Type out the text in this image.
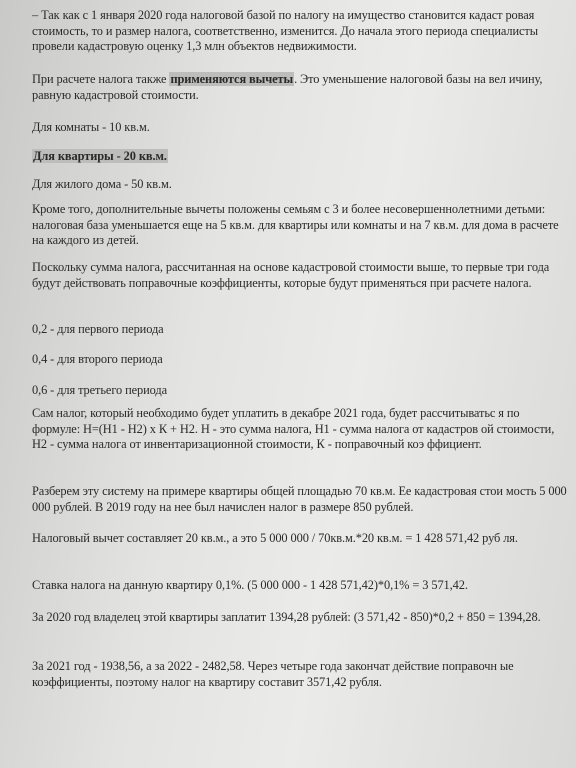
– Так как с 1 января 2020 года налоговой базой по налогу на имущество становится кадаст ровая стоимость, то и размер налога, соответственно, изменится. До начала этого периода специалисты провели кадастровую оценку 1,3 млн объектов недвижимости.

При расчете налога также применяются вычеты. Это уменьшение налоговой базы на вел ичину, равную кадастровой стоимости.

Для комнаты - 10 кв.м.

Для квартиры - 20 кв.м.

Для жилого дома - 50 кв.м.

Кроме того, дополнительные вычеты положены семьям с 3 и более несовершеннолетними детьми: налоговая база уменьшается еще на 5 кв.м. для квартиры или комнаты и на 7 кв.м. для дома в расчете на каждого из детей.

Поскольку сумма налога, рассчитанная на основе кадастровой стоимости выше, то первые три года будут действовать поправочные коэффициенты, которые будут применяться при расчете налога.

0,2 - для первого периода

0,4 - для второго периода

0,6 - для третьего периода

Сам налог, который необходимо будет уплатить в декабре 2021 года, будет рассчитыватьс я по формуле: Н=(Н1 - Н2) х К + Н2. Н - это сумма налога, Н1 - сумма налога от кадастров ой стоимости, Н2 - сумма налога от инвентаризационной стоимости, К - поправочный коэ ффициент.

Разберем эту систему на примере квартиры общей площадью 70 кв.м. Ее кадастровая стои мость 5 000 000 рублей. В 2019 году на нее был начислен налог в размере 850 рублей.

Налоговый вычет составляет 20 кв.м., а это 5 000 000 / 70кв.м.*20 кв.м. = 1 428 571,42 руб ля.

Ставка налога на данную квартиру 0,1%. (5 000 000 - 1 428 571,42)*0,1% = 3 571,42.

За 2020 год владелец этой квартиры заплатит 1394,28 рублей: (3 571,42 - 850)*0,2 + 850 = 1394,28.

За 2021 год - 1938,56, а за 2022 - 2482,58. Через четыре года закончат действие поправочн ые коэффициенты, поэтому налог на квартиру составит 3571,42 рубля.
